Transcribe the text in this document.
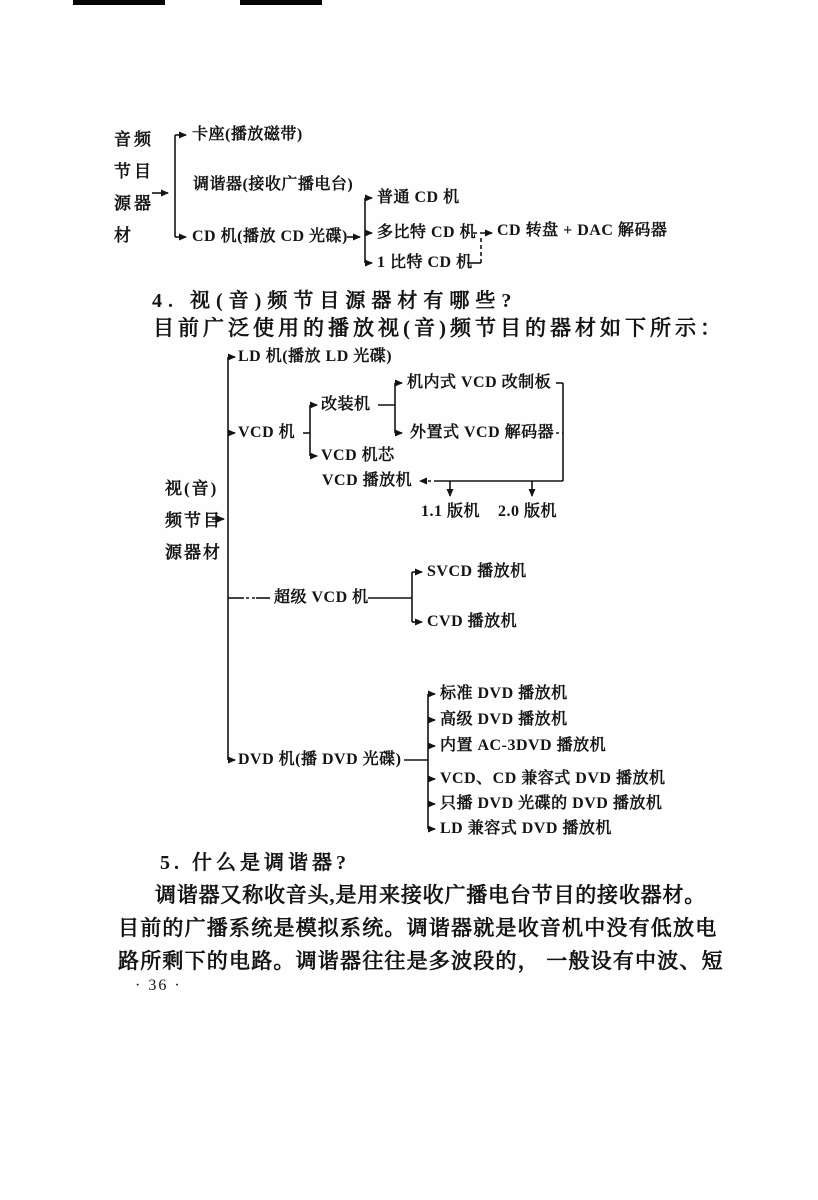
音频
节目
源器
材
卡座(播放磁带)
调谐器(接收广播电台)
CD 机(播放 CD 光碟)
普通 CD 机
多比特 CD 机 CD 转盘 + DAC 解码器
1 比特 CD 机
4. 视(音)频节目源器材有哪些?
目前广泛使用的播放视(音)频节目的器材如下所示：
视(音)
频节目
源器材
LD 机(播放 LD 光碟)
VCD 机
改装机
机内式 VCD 改制板
外置式 VCD 解码器
VCD 机芯
VCD 播放机
1.1 版机 2.0 版机
超级 VCD 机
SVCD 播放机
CVD 播放机
DVD 机(播 DVD 光碟)
标准 DVD 播放机
高级 DVD 播放机
内置 AC-3DVD 播放机
VCD、CD 兼容式 DVD 播放机
只播 DVD 光碟的 DVD 播放机
LD 兼容式 DVD 播放机
5. 什么是调谐器?
调谐器又称收音头,是用来接收广播电台节目的接收器材。
目前的广播系统是模拟系统。调谐器就是收音机中没有低放电
路所剩下的电路。调谐器往往是多波段的， 一般设有中波、短
· 36 ·
